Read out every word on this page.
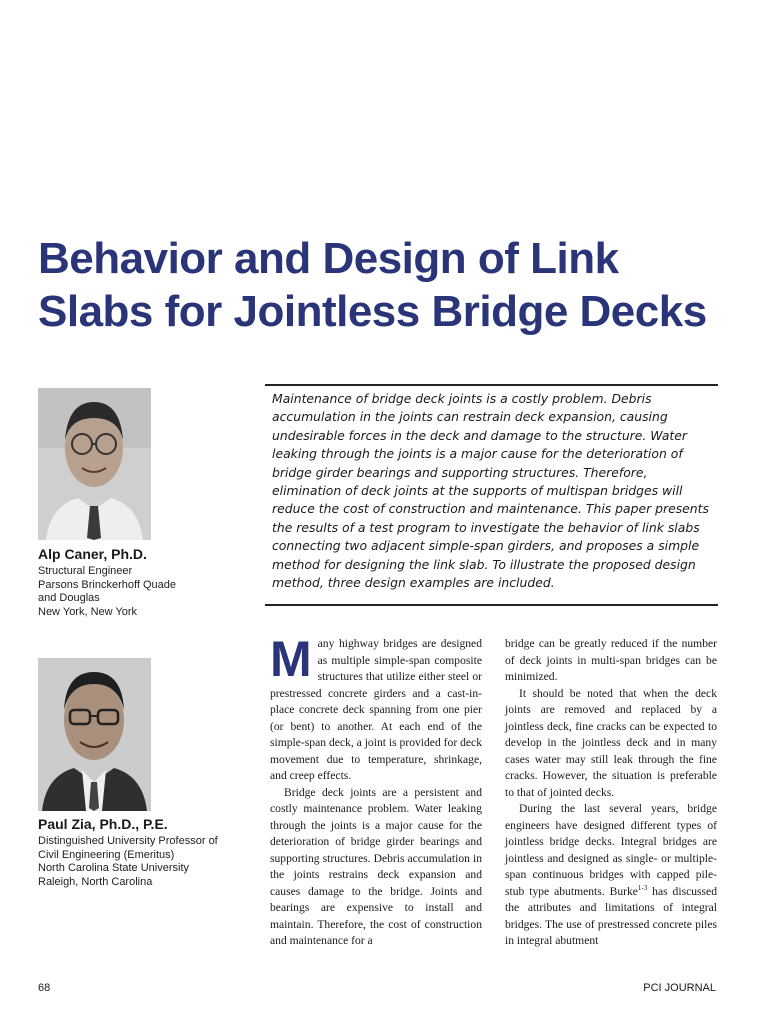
Behavior and Design of Link
Slabs for Jointless Bridge Decks
Alp Caner, Ph.D.
Structural Engineer
Parsons Brinckerhoff Quade
and Douglas
New York, New York
Paul Zia, Ph.D., P.E.
Distinguished University Professor of
Civil Engineering (Emeritus)
North Carolina State University
Raleigh, North Carolina

Maintenance of bridge deck joints is a costly problem. Debris accumulation in the joints can restrain deck expansion, causing undesirable forces in the deck and damage to the structure. Water leaking through the joints is a major cause for the deterioration of bridge girder bearings and supporting structures. Therefore, elimination of deck joints at the supports of multispan bridges will reduce the cost of construction and maintenance. This paper presents the results of a test program to investigate the behavior of link slabs connecting two adjacent simple-span girders, and proposes a simple method for designing the link slab. To illustrate the proposed design method, three design examples are included.

Many highway bridges are designed as multiple simple-span composite structures that utilize either steel or prestressed concrete girders and a cast-in-place concrete deck spanning from one pier (or bent) to another. At each end of the simple-span deck, a joint is provided for deck movement due to temperature, shrinkage, and creep effects.

Bridge deck joints are a persistent and costly maintenance problem. Water leaking through the joints is a major cause for the deterioration of bridge girder bearings and supporting structures. Debris accumulation in the joints restrains deck expansion and causes damage to the bridge. Joints and bearings are expensive to install and maintain. Therefore, the cost of construction and maintenance for a

bridge can be greatly reduced if the number of deck joints in multi-span bridges can be minimized.

It should be noted that when the deck joints are removed and replaced by a jointless deck, fine cracks can be expected to develop in the jointless deck and in many cases water may still leak through the fine cracks. However, the situation is preferable to that of jointed decks.

During the last several years, bridge engineers have designed different types of jointless bridge decks. Integral bridges are jointless and designed as single- or multiple-span continuous bridges with capped pile-stub type abutments. Burke$^{1-3}$ has discussed the attributes and limitations of integral bridges. The use of prestressed concrete piles in integral abutment

68	PCI JOURNAL
